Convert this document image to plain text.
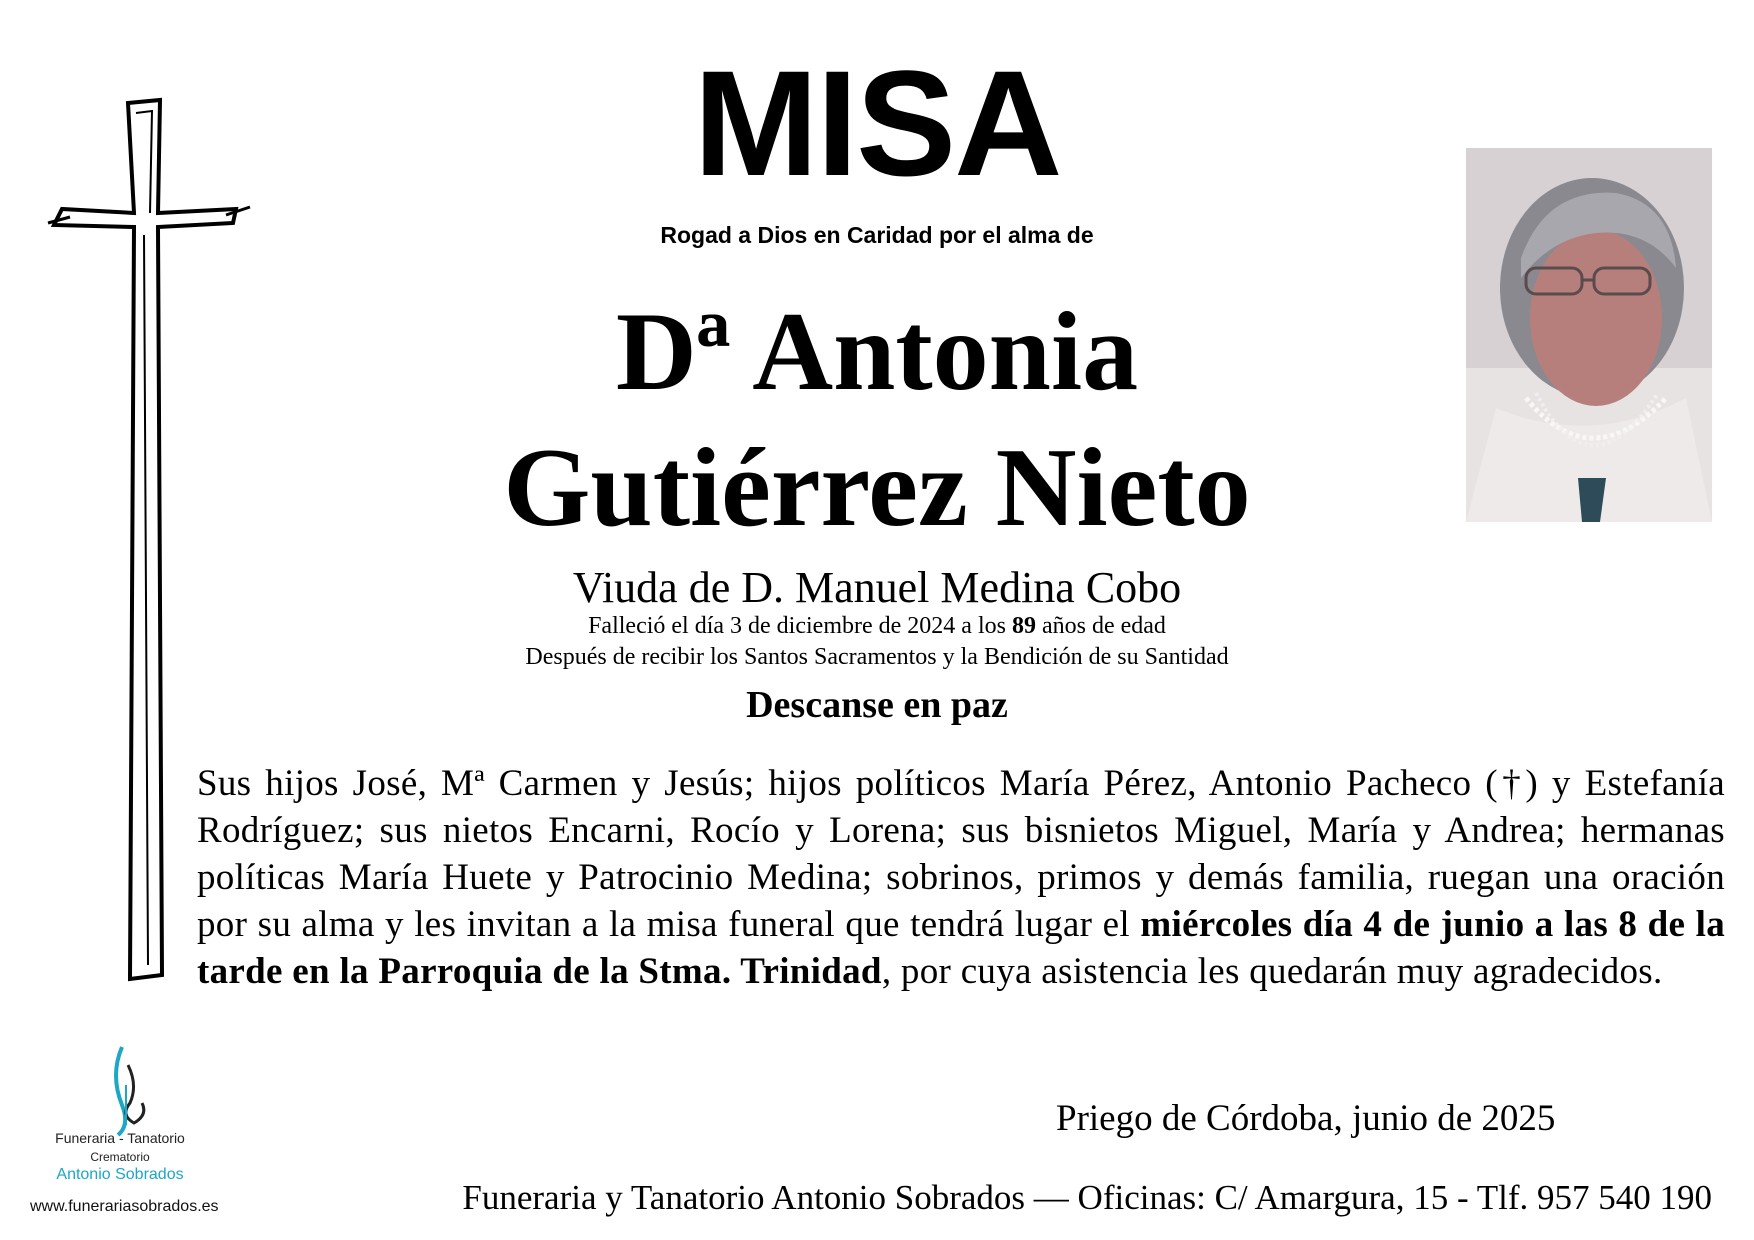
MISA
Rogad a Dios en Caridad por el alma de
Dª Antonia
Gutiérrez Nieto
Viuda de D. Manuel Medina Cobo
Falleció el día 3 de diciembre de 2024 a los 89 años de edad
Después de recibir los Santos Sacramentos y la Bendición de su Santidad
Descanse en paz
Sus hijos José, Mª Carmen y Jesús; hijos políticos María Pérez, Antonio Pacheco (†) y Estefanía Rodríguez; sus nietos Encarni, Rocío y Lorena; sus bisnietos Miguel, María y Andrea; hermanas políticas María Huete y Patrocinio Medina; sobrinos, primos y demás familia, ruegan una oración por su alma y les invitan a la misa funeral que tendrá lugar el miércoles día 4 de junio a las 8 de la tarde en la Parroquia de la Stma. Trinidad, por cuya asistencia les quedarán muy agradecidos.
Priego de Córdoba, junio de 2025
Funeraria - Tanatorio
Crematorio
Antonio Sobrados
www.funerariasobrados.es	Funeraria y Tanatorio Antonio Sobrados — Oficinas: C/ Amargura, 15 - Tlf. 957 540 190
